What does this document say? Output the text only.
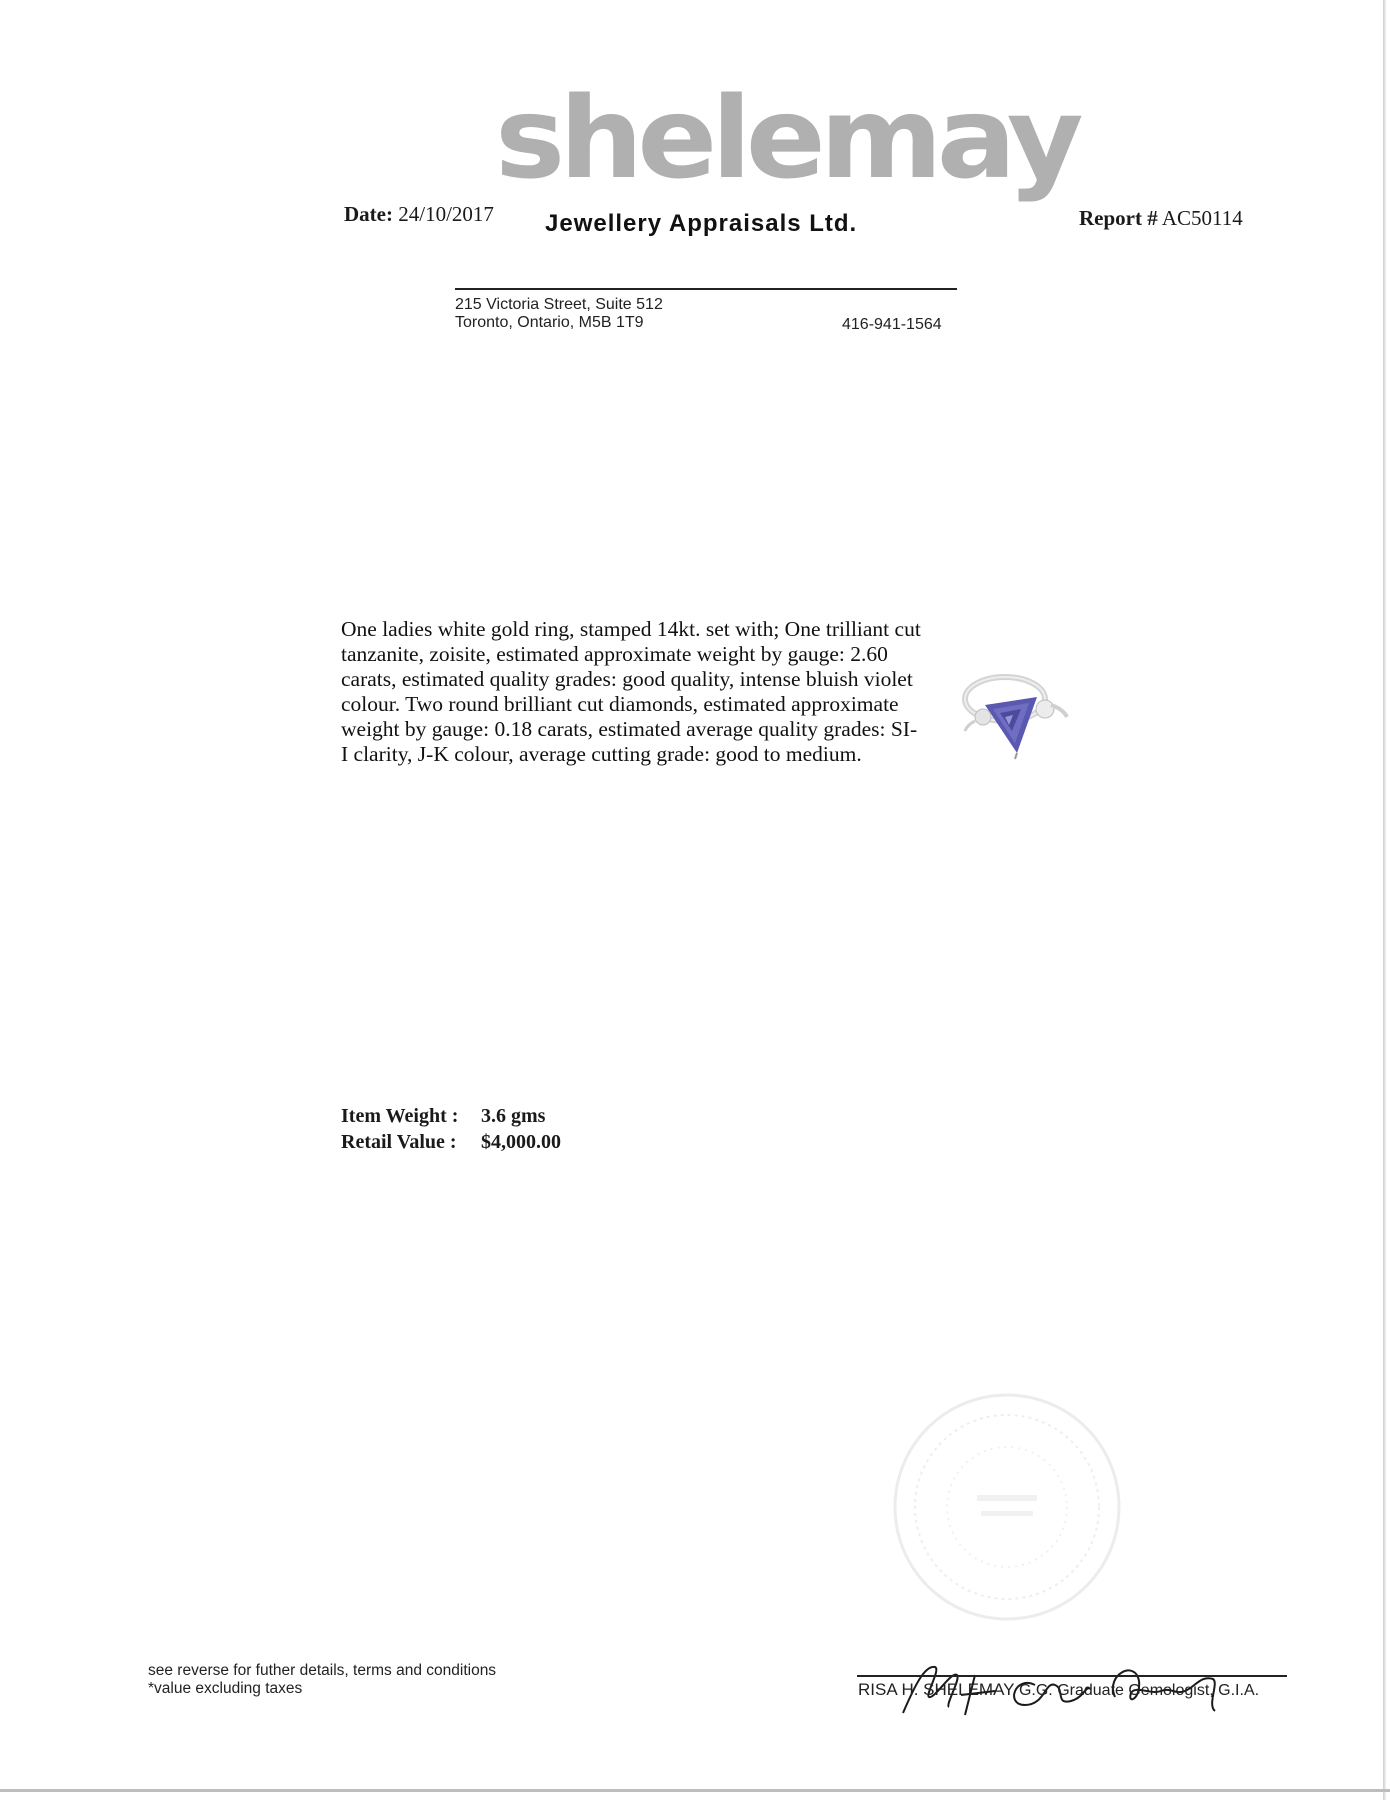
shelemay
Jewellery Appraisals Ltd.
Date: 24/10/2017	Report # AC50114
215 Victoria Street, Suite 512
Toronto, Ontario, M5B 1T9	416-941-1564
One ladies white gold ring, stamped 14kt. set with; One trilliant cut tanzanite, zoisite, estimated approximate weight by gauge: 2.60 carats, estimated quality grades: good quality, intense bluish violet colour. Two round brilliant cut diamonds, estimated approximate weight by gauge: 0.18 carats, estimated average quality grades: SI-I clarity, J-K colour, average cutting grade: good to medium.
Item Weight :	3.6 gms
Retail Value :	$4,000.00
RISA H. SHELEMAY G.G. Graduate Gemologist, G.I.A.
see reverse for futher details, terms and conditions
*value excluding taxes
